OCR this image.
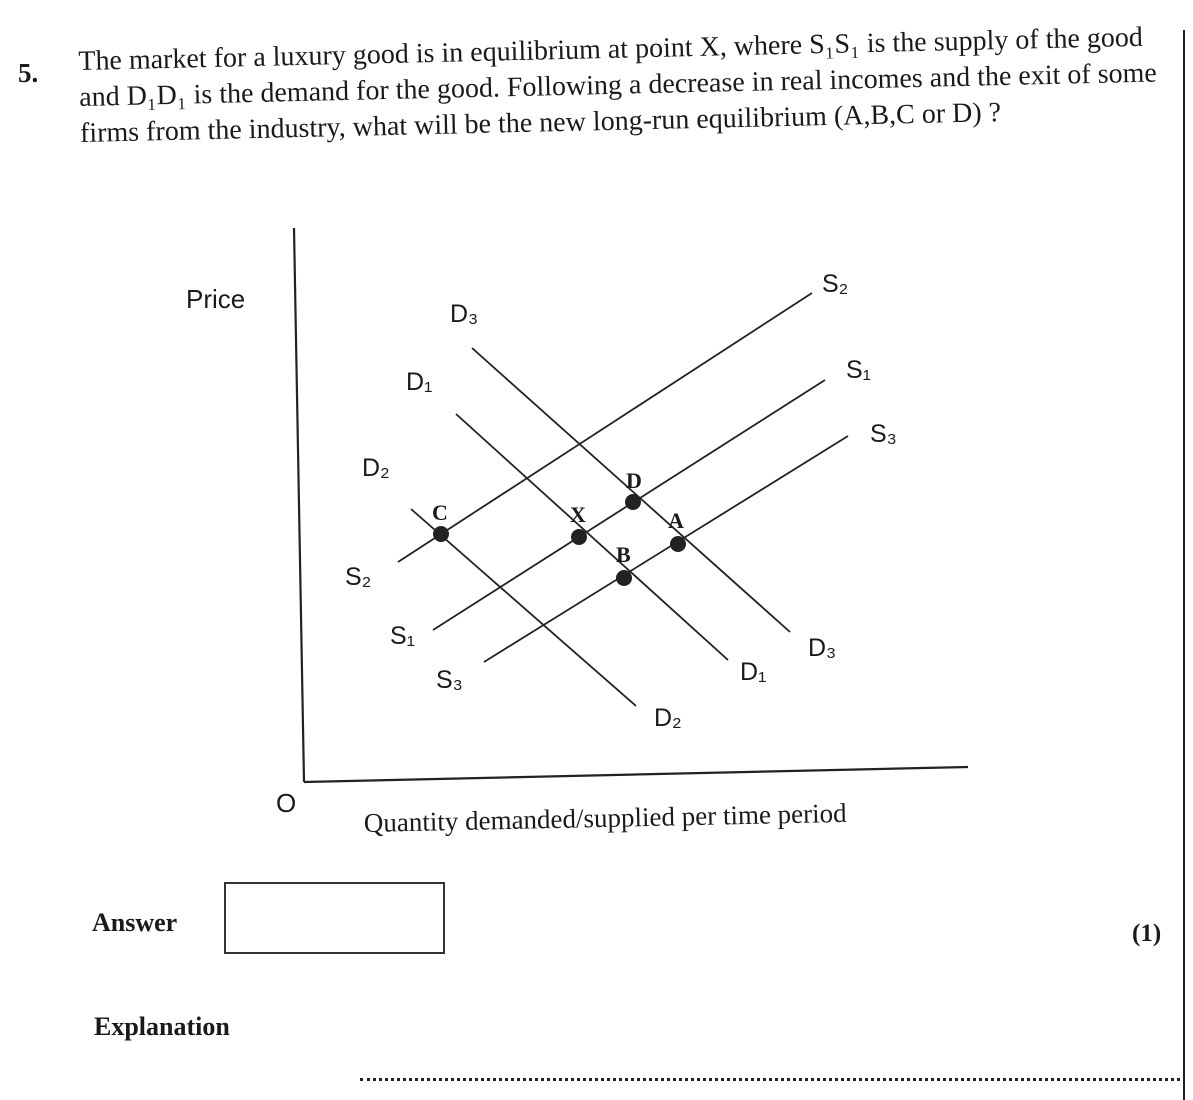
5. The market for a luxury good is in equilibrium at point X, where S₁S₁ is the supply of the good and D₁D₁ is the demand for the good. Following a decrease in real incomes and the exit of some firms from the industry, what will be the new long-run equilibrium (A,B,C or D) ?
C	X
D
B
A
S₂
S₂
S₁
S₁
S₃
S₃
D₃
D₃
D₁
D₁
D₂
D₂
Price
O Quantity demanded/supplied per time period
Answer	(1)
Explanation
